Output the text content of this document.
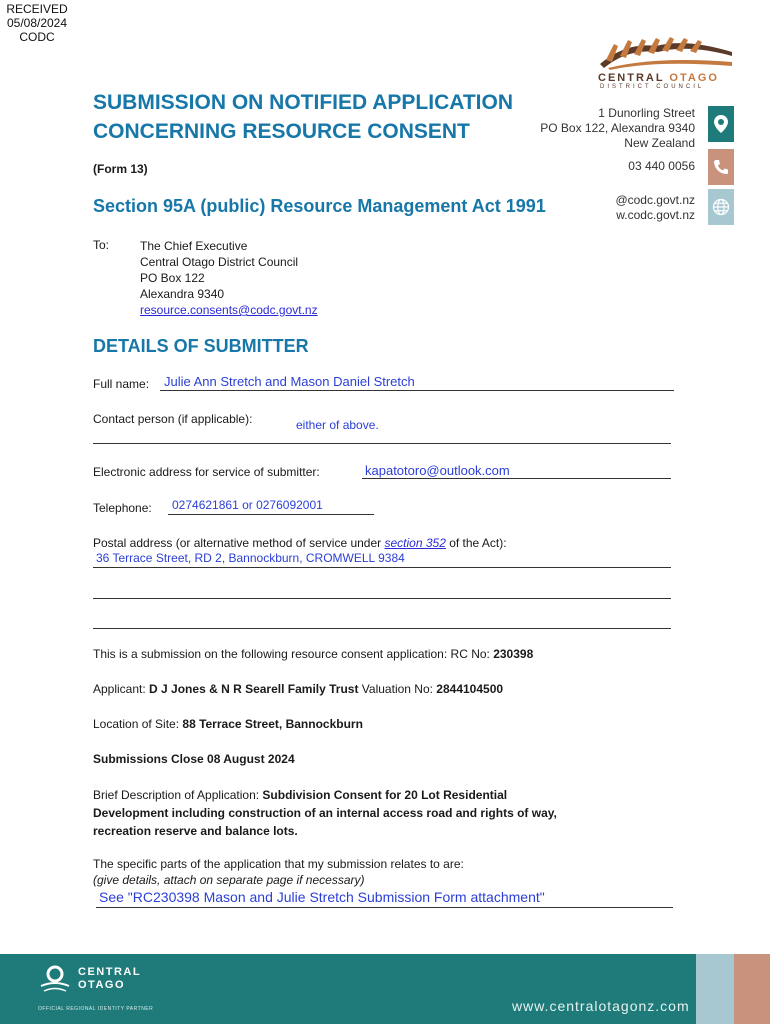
RECEIVED
05/08/2024
CODC
CENTRAL OTAGO
DISTRICT COUNCIL
1 Dunorling Street
PO Box 122, Alexandra 9340
New Zealand
03 440 0056
@codc.govt.nz
w.codc.govt.nz
SUBMISSION ON NOTIFIED APPLICATION
CONCERNING RESOURCE CONSENT
(Form 13)
Section 95A (public) Resource Management Act 1991
To:	The Chief Executive
Central Otago District Council
PO Box 122
Alexandra 9340
resource.consents@codc.govt.nz
DETAILS OF SUBMITTER
Full name: Julie Ann Stretch and Mason Daniel Stretch
Contact person (if applicable):	either of above.
Electronic address for service of submitter:	kapatotoro@outlook.com
Telephone: 0274621861 or 0276092001
Postal address (or alternative method of service under section 352 of the Act):
36 Terrace Street, RD 2, Bannockburn, CROMWELL 9384
This is a submission on the following resource consent application: RC No: 230398
Applicant: D J Jones & N R Searell Family Trust Valuation No: 2844104500
Location of Site: 88 Terrace Street, Bannockburn
Submissions Close 08 August 2024
Brief Description of Application: Subdivision Consent for 20 Lot Residential
Development including construction of an internal access road and rights of way,
recreation reserve and balance lots.
The specific parts of the application that my submission relates to are:
(give details, attach on separate page if necessary)
See "RC230398 Mason and Julie Stretch Submission Form attachment"
CENTRAL
OTAGO
OFFICIAL REGIONAL IDENTITY PARTNER	www.centralotagonz.com
